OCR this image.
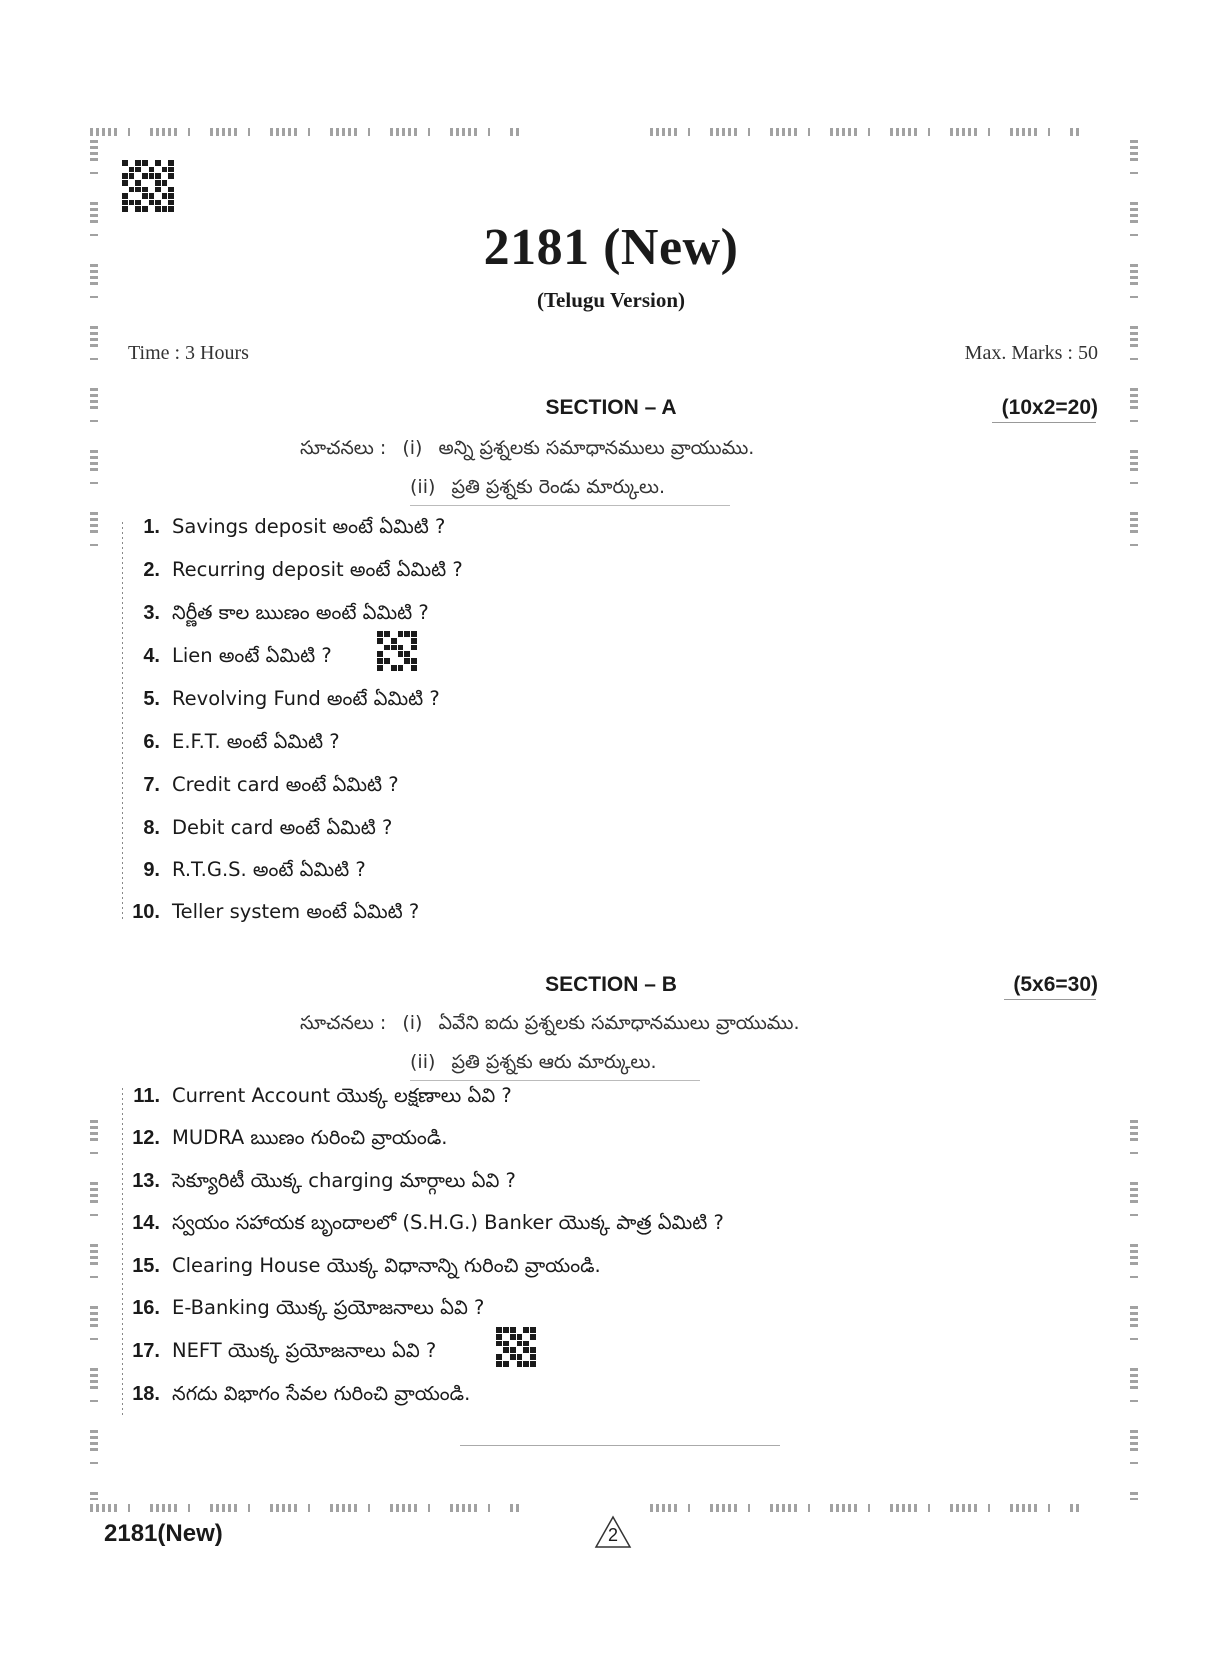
2181 (New)
(Telugu Version)
Time : 3 Hours	Max. Marks : 50
SECTION – A	(10x2=20)
సూచనలు : (i) అన్ని ప్రశ్నలకు సమాధానములు వ్రాయుము.
(ii) ప్రతి ప్రశ్నకు రెండు మార్కులు.
1. Savings deposit అంటే ఏమిటి ?
2. Recurring deposit అంటే ఏమిటి ?
3. నిర్ణీత కాల ఋణం అంటే ఏమిటి ?
4. Lien అంటే ఏమిటి ?
5. Revolving Fund అంటే ఏమిటి ?
6. E.F.T. అంటే ఏమిటి ?
7. Credit card అంటే ఏమిటి ?
8. Debit card అంటే ఏమిటి ?
9. R.T.G.S. అంటే ఏమిటి ?
10. Teller system అంటే ఏమిటి ?
SECTION – B	(5x6=30)
సూచనలు : (i) ఏవేని ఐదు ప్రశ్నలకు సమాధానములు వ్రాయుము.
(ii) ప్రతి ప్రశ్నకు ఆరు మార్కులు.
11. Current Account యొక్క లక్షణాలు ఏవి ?
12. MUDRA ఋణం గురించి వ్రాయండి.
13. సెక్యూరిటీ యొక్క charging మార్గాలు ఏవి ?
14. స్వయం సహాయక బృందాలలో (S.H.G.) Banker యొక్క పాత్ర ఏమిటి ?
15. Clearing House యొక్క విధానాన్ని గురించి వ్రాయండి.
16. E-Banking యొక్క ప్రయోజనాలు ఏవి ?
17. NEFT యొక్క ప్రయోజనాలు ఏవి ?
18. నగదు విభాగం సేవల గురించి వ్రాయండి.
2181(New)	2
